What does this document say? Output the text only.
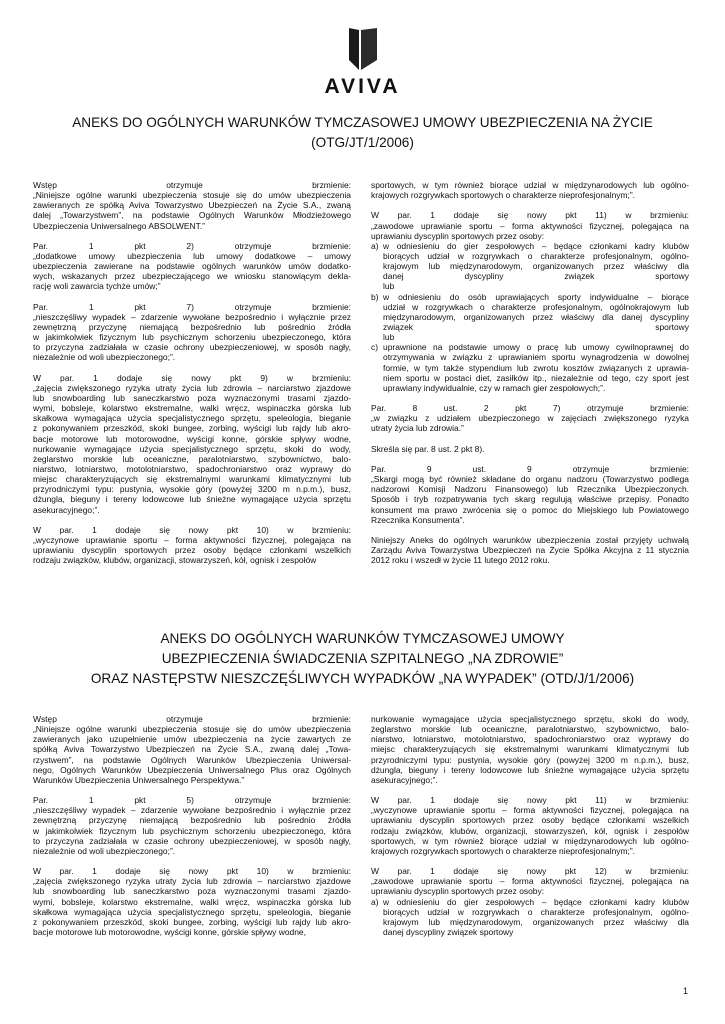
AVIVA
ANEKS DO OGÓLNYCH WARUNKÓW TYMCZASOWEJ UMOWY UBEZPIECZENIA NA ŻYCIE
(OTG/JT/1/2006)
Wstęp otrzymuje brzmienie:
„Niniejsze ogólne warunki ubezpieczenia stosuje się do umów ubezpieczenia
zawieranych ze spółką Aviva Towarzystwo Ubezpieczeń na Życie S.A., zwaną
dalej „Towarzystwem”, na podstawie Ogólnych Warunków Młodzieżowego
Ubezpieczenia Uniwersalnego ABSOLWENT.”
Par. 1 pkt 2) otrzymuje brzmienie:
„dodatkowe umowy ubezpieczenia lub umowy dodatkowe – umowy
ubezpieczenia zawierane na podstawie ogólnych warunków umów dodatko-
wych, wskazanych przez ubezpieczającego we wniosku stanowiącym dekla-
rację woli zawarcia tychże umów;”
Par. 1 pkt 7) otrzymuje brzmienie:
„nieszczęśliwy wypadek – zdarzenie wywołane bezpośrednio i wyłącznie przez
zewnętrzną przyczynę niemającą bezpośrednio lub pośrednio źródła
w jakimkolwiek fizycznym lub psychicznym schorzeniu ubezpieczonego, która
to przyczyna zadziałała w czasie ochrony ubezpieczeniowej, w sposób nagły,
niezależnie od woli ubezpieczonego;”.
W par. 1 dodaje się nowy pkt 9) w brzmieniu:
„zajęcia zwiększonego ryzyka utraty życia lub zdrowia – narciarstwo zjazdowe
lub snowboarding lub saneczkarstwo poza wyznaczonymi trasami zjazdo-
wymi, bobsleje, kolarstwo ekstremalne, walki wręcz, wspinaczka górska lub
skałkowa wymagająca użycia specjalistycznego sprzętu, speleologia, bieganie
z pokonywaniem przeszkód, skoki bungee, zorbing, wyścigi lub rajdy lub akro-
bacje motorowe lub motorowodne, wyścigi konne, górskie spływy wodne,
nurkowanie wymagające użycia specjalistycznego sprzętu, skoki do wody,
żeglarstwo morskie lub oceaniczne, paralotniarstwo, szybownictwo, balo-
niarstwo, lotniarstwo, motolotniarstwo, spadochroniarstwo oraz wyprawy do
miejsc charakteryzujących się ekstremalnymi warunkami klimatycznymi lub
przyrodniczymi typu: pustynia, wysokie góry (powyżej 3200 m n.p.m.), busz,
dżungla, bieguny i tereny lodowcowe lub śnieżne wymagające użycia sprzętu
asekuracyjnego;”.
W par. 1 dodaje się nowy pkt 10) w brzmieniu:
„wyczynowe uprawianie sportu – forma aktywności fizycznej, polegająca na
uprawianiu dyscyplin sportowych przez osoby będące członkami wszelkich
rodzaju związków, klubów, organizacji, stowarzyszeń, kół, ognisk i zespołów
sportowych, w tym również biorące udział w międzynarodowych lub ogólno-
krajowych rozgrywkach sportowych o charakterze nieprofesjonalnym;”.
W par. 1 dodaje się nowy pkt 11) w brzmieniu:
„zawodowe uprawianie sportu – forma aktywności fizycznej, polegająca na
uprawianiu dyscyplin sportowych przez osoby:
a) w odniesieniu do gier zespołowych – będące członkami kadry klubów
biorących udział w rozgrywkach o charakterze profesjonalnym, ogólno-
krajowym lub międzynarodowym, organizowanych przez właściwy dla
danej dyscypliny związek sportowy
lub
b) w odniesieniu do osób uprawiających sporty indywidualne – biorące
udział w rozgrywkach o charakterze profesjonalnym, ogólnokrajowym lub
międzynarodowym, organizowanych przez właściwy dla danej dyscypliny
związek sportowy
lub
c) uprawnione na podstawie umowy o pracę lub umowy cywilnoprawnej do
otrzymywania w związku z uprawianiem sportu wynagrodzenia w dowolnej
formie, w tym także stypendium lub zwrotu kosztów związanych z uprawia-
niem sportu w postaci diet, zasiłków itp., niezależnie od tego, czy sport jest
uprawiany indywidualnie, czy w ramach gier zespołowych;”.
Par. 8 ust. 2 pkt 7) otrzymuje brzmienie:
„w związku z udziałem ubezpieczonego w zajęciach zwiększonego ryzyka
utraty życia lub zdrowia.”
Skreśla się par. 8 ust. 2 pkt 8).
Par. 9 ust. 9 otrzymuje brzmienie:
„Skargi mogą być również składane do organu nadzoru (Towarzystwo podlega
nadzorowi Komisji Nadzoru Finansowego) lub Rzecznika Ubezpieczonych.
Sposób i tryb rozpatrywania tych skarg regulują właściwe przepisy. Ponadto
konsument ma prawo zwrócenia się o pomoc do Miejskiego lub Powiatowego
Rzecznika Konsumenta”.
Niniejszy Aneks do ogólnych warunków ubezpieczenia został przyjęty uchwałą
Zarządu Aviva Towarzystwa Ubezpieczeń na Życie Spółka Akcyjna z 11 stycznia
2012 roku i wszedł w życie 11 lutego 2012 roku.
ANEKS DO OGÓLNYCH WARUNKÓW TYMCZASOWEJ UMOWY
UBEZPIECZENIA ŚWIADCZENIA SZPITALNEGO „NA ZDROWIE”
ORAZ NASTĘPSTW NIESZCZĘŚLIWYCH WYPADKÓW „NA WYPADEK” (OTD/J/1/2006)
Wstęp otrzymuje brzmienie:
„Niniejsze ogólne warunki ubezpieczenia stosuje się do umów ubezpieczenia
zawieranych jako uzupełnienie umów ubezpieczenia na życie zawartych ze
spółką Aviva Towarzystwo Ubezpieczeń na Życie S.A., zwaną dalej „Towa-
rzystwem”, na podstawie Ogólnych Warunków Ubezpieczenia Uniwersal-
nego, Ogólnych Warunków Ubezpieczenia Uniwersalnego Plus oraz Ogólnych
Warunków Ubezpieczenia Uniwersalnego Perspektywa.”
Par. 1 pkt 5) otrzymuje brzmienie:
„nieszczęśliwy wypadek – zdarzenie wywołane bezpośrednio i wyłącznie przez
zewnętrzną przyczynę niemającą bezpośrednio lub pośrednio źródła
w jakimkolwiek fizycznym lub psychicznym schorzeniu ubezpieczonego, która
to przyczyna zadziałała w czasie ochrony ubezpieczeniowej, w sposób nagły,
niezależnie od woli ubezpieczonego;”.
W par. 1 dodaje się nowy pkt 10) w brzmieniu:
„zajęcia zwiększonego ryzyka utraty życia lub zdrowia – narciarstwo zjazdowe
lub snowboarding lub saneczkarstwo poza wyznaczonymi trasami zjazdo-
wymi, bobsleje, kolarstwo ekstremalne, walki wręcz, wspinaczka górska lub
skałkowa wymagająca użycia specjalistycznego sprzętu, speleologia, bieganie
z pokonywaniem przeszkód, skoki bungee, zorbing, wyścigi lub rajdy lub akro-
bacje motorowe lub motorowodne, wyścigi konne, górskie spływy wodne,
nurkowanie wymagające użycia specjalistycznego sprzętu, skoki do wody,
żeglarstwo morskie lub oceaniczne, paralotniarstwo, szybownictwo, balo-
niarstwo, lotniarstwo, motolotniarstwo, spadochroniarstwo oraz wyprawy do
miejsc charakteryzujących się ekstremalnymi warunkami klimatycznymi lub
przyrodniczymi typu: pustynia, wysokie góry (powyżej 3200 m n.p.m.), busz,
dżungla, bieguny i tereny lodowcowe lub śnieżne wymagające użycia sprzętu
asekuracyjnego;”.
W par. 1 dodaje się nowy pkt 11) w brzmieniu:
„wyczynowe uprawianie sportu – forma aktywności fizycznej, polegająca na
uprawianiu dyscyplin sportowych przez osoby będące członkami wszelkich
rodzaju związków, klubów, organizacji, stowarzyszeń, kół, ognisk i zespołów
sportowych, w tym również biorące udział w międzynarodowych lub ogólno-
krajowych rozgrywkach sportowych o charakterze nieprofesjonalnym;”.
W par. 1 dodaje się nowy pkt 12) w brzmieniu:
„zawodowe uprawianie sportu – forma aktywności fizycznej, polegająca na
uprawianiu dyscyplin sportowych przez osoby:
a) w odniesieniu do gier zespołowych – będące członkami kadry klubów
biorących udział w rozgrywkach o charakterze profesjonalnym, ogólno-
krajowym lub międzynarodowym, organizowanych przez właściwy dla
danej dyscypliny związek sportowy
1
